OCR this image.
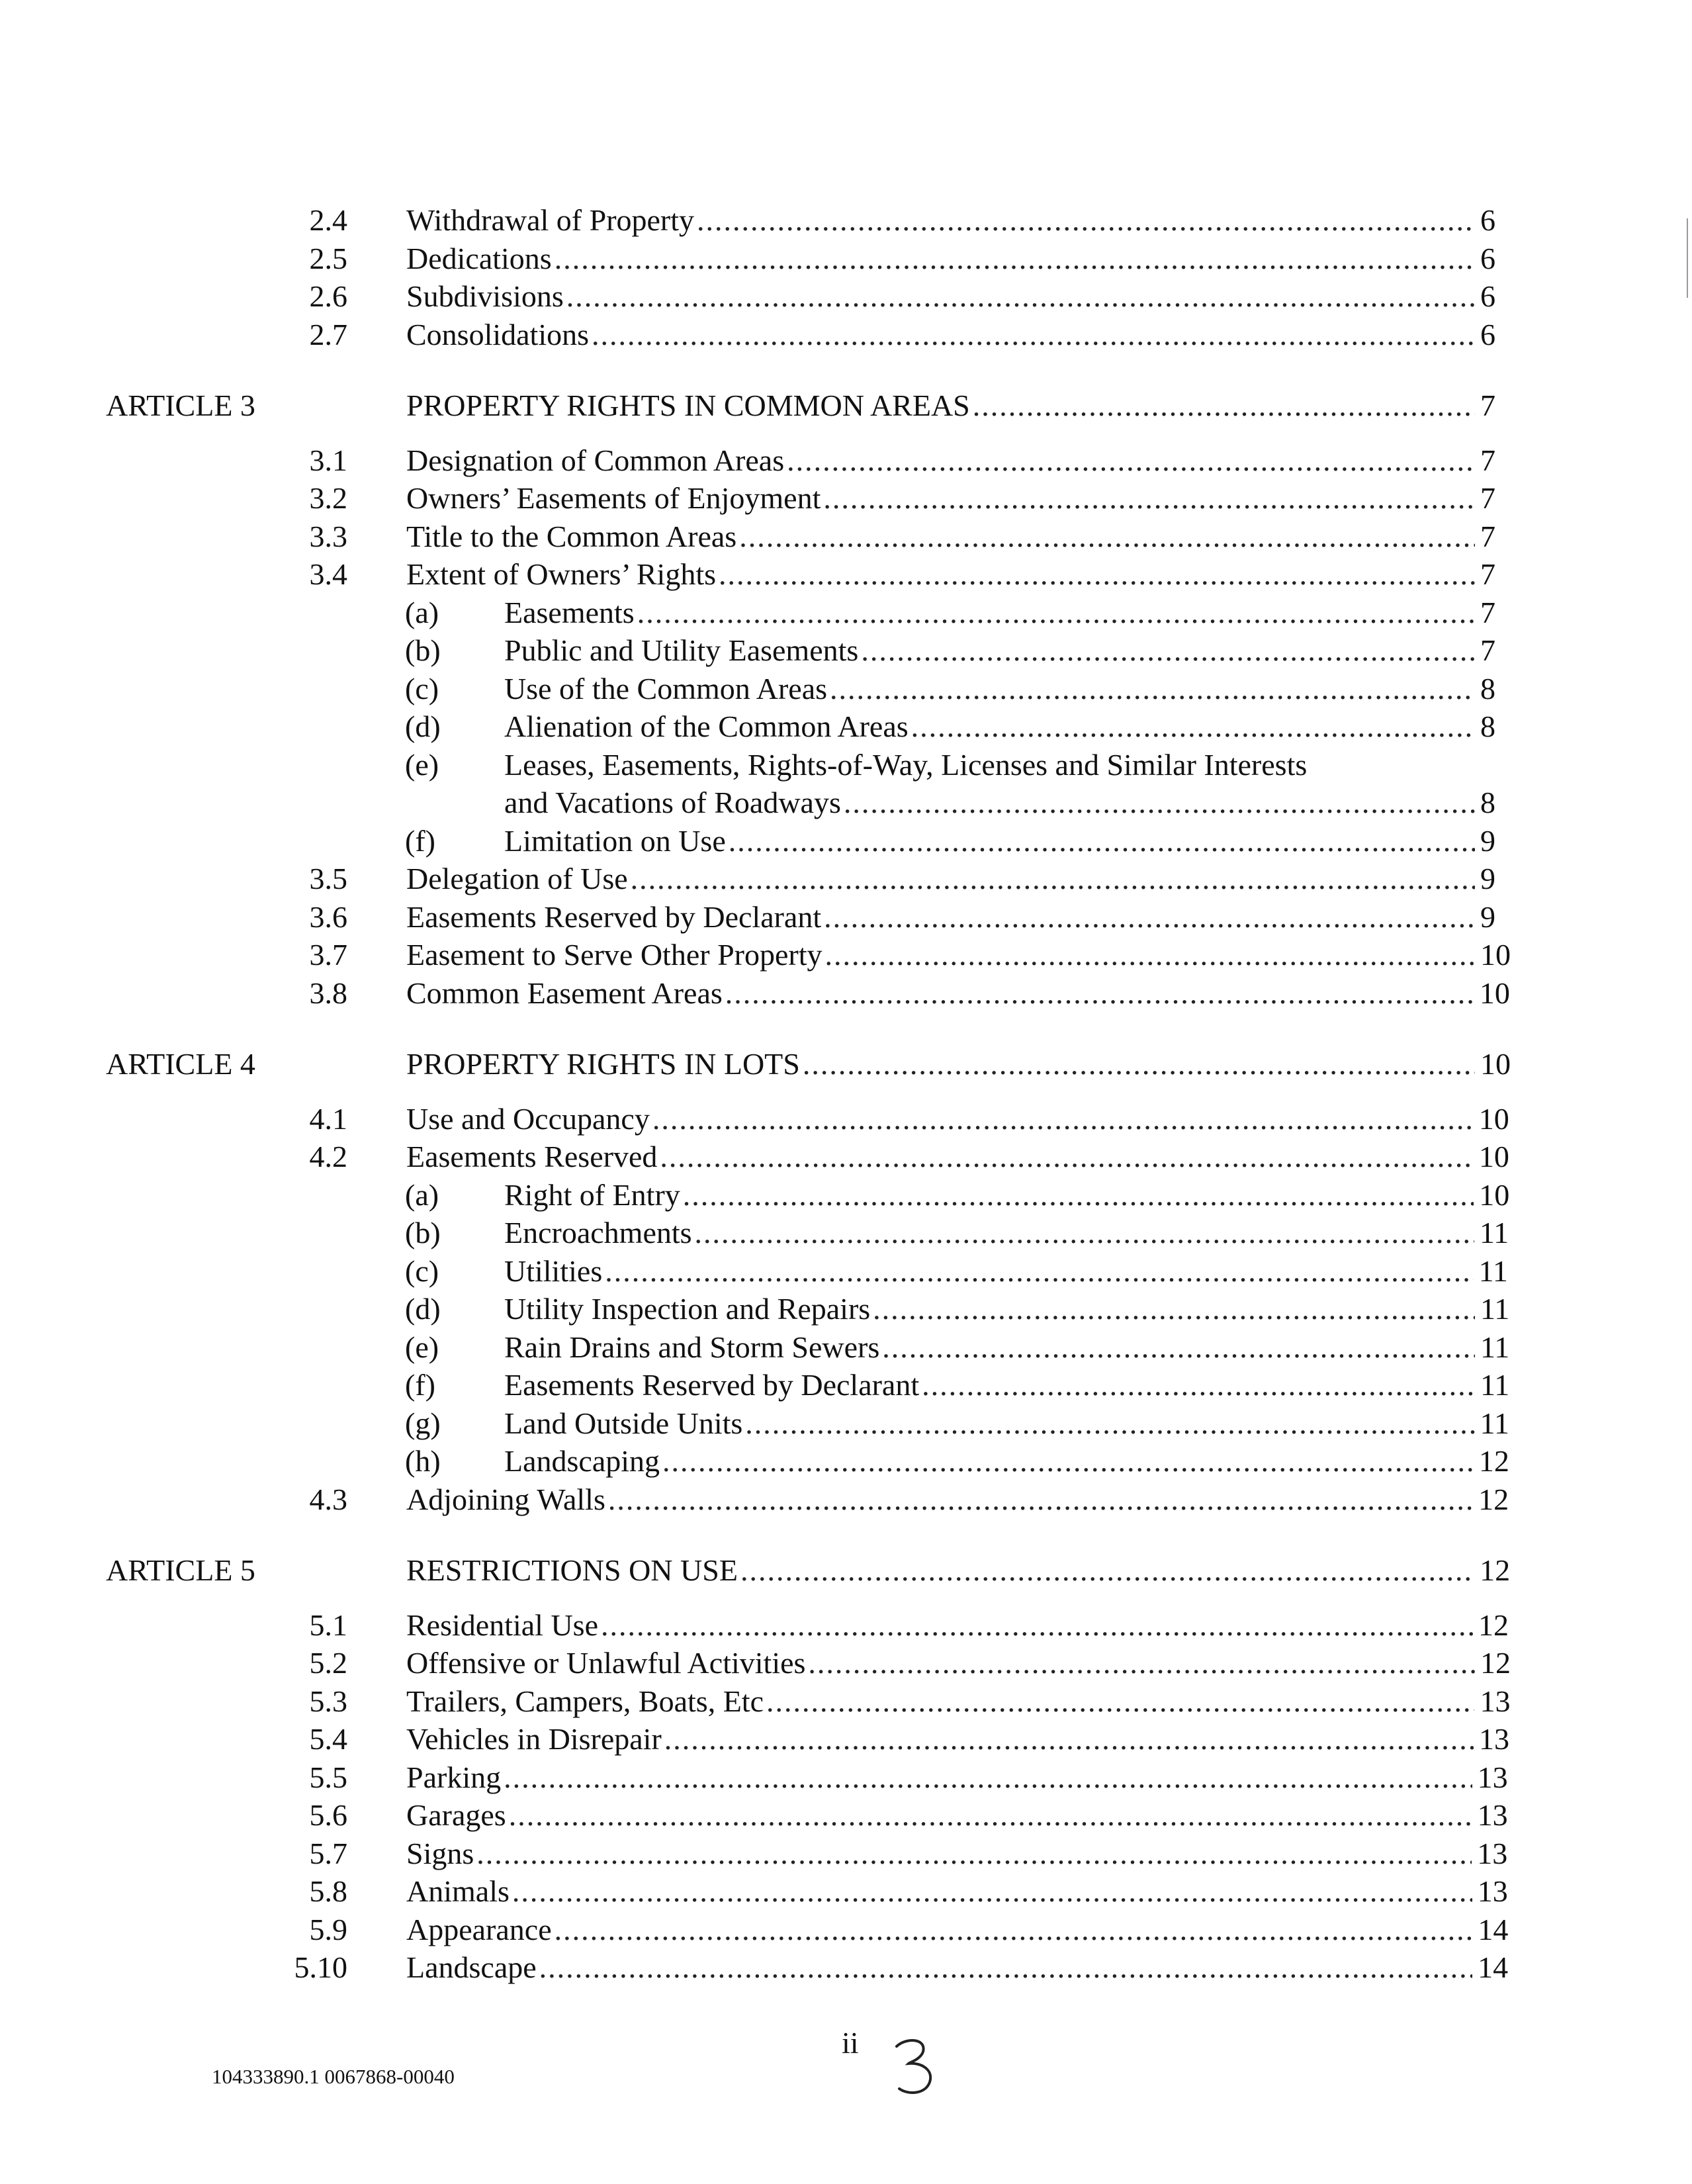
2.4 Withdrawal of Property .....	6
2.5 Dedications .....	6
2.6 Subdivisions .....	6
2.7 Consolidations .....	6
ARTICLE 3	PROPERTY RIGHTS IN COMMON AREAS .....	7
3.1 Designation of Common Areas .....	7
3.2 Owners’ Easements of Enjoyment .....	7
3.3 Title to the Common Areas .....	7
3.4 Extent of Owners’ Rights .....	7
(a) Easements .....	7
(b) Public and Utility Easements .....	7
(c) Use of the Common Areas .....	8
(d) Alienation of the Common Areas .....	8
(e) Leases, Easements, Rights-of-Way, Licenses and Similar Interests
and Vacations of Roadways .....	8
(f) Limitation on Use .....	9
3.5 Delegation of Use .....	9
3.6 Easements Reserved by Declarant .....	9
3.7 Easement to Serve Other Property .....	10
3.8 Common Easement Areas .....	10
ARTICLE 4	PROPERTY RIGHTS IN LOTS .....	10
4.1 Use and Occupancy .....	10
4.2 Easements Reserved .....	10
(a) Right of Entry .....	10
(b) Encroachments .....	11
(c) Utilities .....	11
(d) Utility Inspection and Repairs .....	11
(e) Rain Drains and Storm Sewers .....	11
(f) Easements Reserved by Declarant .....	11
(g) Land Outside Units .....	11
(h) Landscaping .....	12
4.3 Adjoining Walls .....	12
ARTICLE 5	RESTRICTIONS ON USE .....	12
5.1 Residential Use .....	12
5.2 Offensive or Unlawful Activities .....	12
5.3 Trailers, Campers, Boats, Etc .....	13
5.4 Vehicles in Disrepair .....	13
5.5 Parking .....	13
5.6 Garages .....	13
5.7 Signs .....	13
5.8 Animals .....	13
5.9 Appearance .....	14
5.10 Landscape .....	14
ii
104333890.1 0067868-00040
